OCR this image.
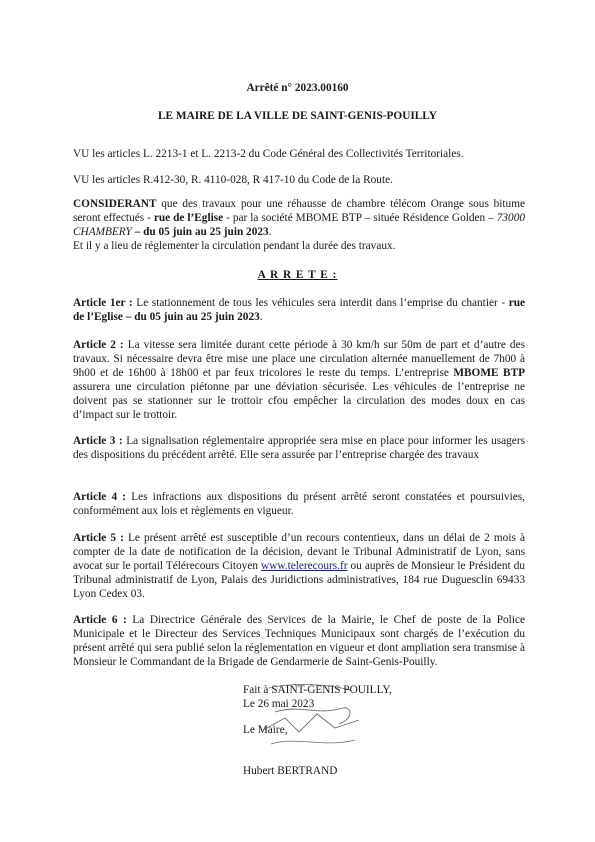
Arrêté n° 2023.00160
LE MAIRE DE LA VILLE DE SAINT-GENIS-POUILLY
VU les articles L. 2213-1 et L. 2213-2 du Code Général des Collectivités Territoriales.
VU les articles R.412-30, R. 4110-028, R 417-10 du Code de la Route.
CONSIDERANT que des travaux pour une réhausse de chambre télécom Orange sous bitume seront effectués - rue de l’Eglise - par la société MBOME BTP – située Résidence Golden – 73000 CHAMBERY – du 05 juin au 25 juin 2023.
Et il y a lieu de réglementer la circulation pendant la durée des travaux.
A R R E T E :
Article 1er : Le stationnement de tous les véhicules sera interdit dans l’emprise du chantier - rue de l’Eglise – du 05 juin au 25 juin 2023.
Article 2 : La vitesse sera limitée durant cette période à 30 km/h sur 50m de part et d’autre des travaux. Si nécessaire devra être mise une place une circulation alternée manuellement de 7h00 à 9h00 et de 16h00 à 18h00 et par feux tricolores le reste du temps. L’entreprise MBOME BTP assurera une circulation piétonne par une déviation sécurisée. Les véhicules de l’entreprise ne doivent pas se stationner sur le trottoir cfou empêcher la circulation des modes doux en cas d’impact sur le trottoir.
Article 3 : La signalisation réglementaire appropriée sera mise en place pour informer les usagers des dispositions du précédent arrêté. Elle sera assurée par l’entreprise chargée des travaux
Article 4 : Les infractions aux dispositions du présent arrêté seront constatées et poursuivies, conformément aux lois et règlements en vigueur.
Article 5 : Le présent arrêté est susceptible d’un recours contentieux, dans un délai de 2 mois à compter de la date de notification de la décision, devant le Tribunal Administratif de Lyon, sans avocat sur le portail Télérecours Citoyen www.telerecours.fr ou auprès de Monsieur le Président du Tribunal administratif de Lyon, Palais des Juridictions administratives, 184 rue Duguesclin 69433 Lyon Cedex 03.
Article 6 : La Directrice Générale des Services de la Mairie, le Chef de poste de la Police Municipale et le Directeur des Services Techniques Municipaux sont chargés de l’exécution du présent arrêté qui sera publié selon la réglementation en vigueur et dont ampliation sera transmise à Monsieur le Commandant de la Brigade de Gendarmerie de Saint-Genis-Pouilly.
Fait à SAINT-GENIS POUILLY,
Le 26 mai 2023
Le Maire,
Hubert BERTRAND
